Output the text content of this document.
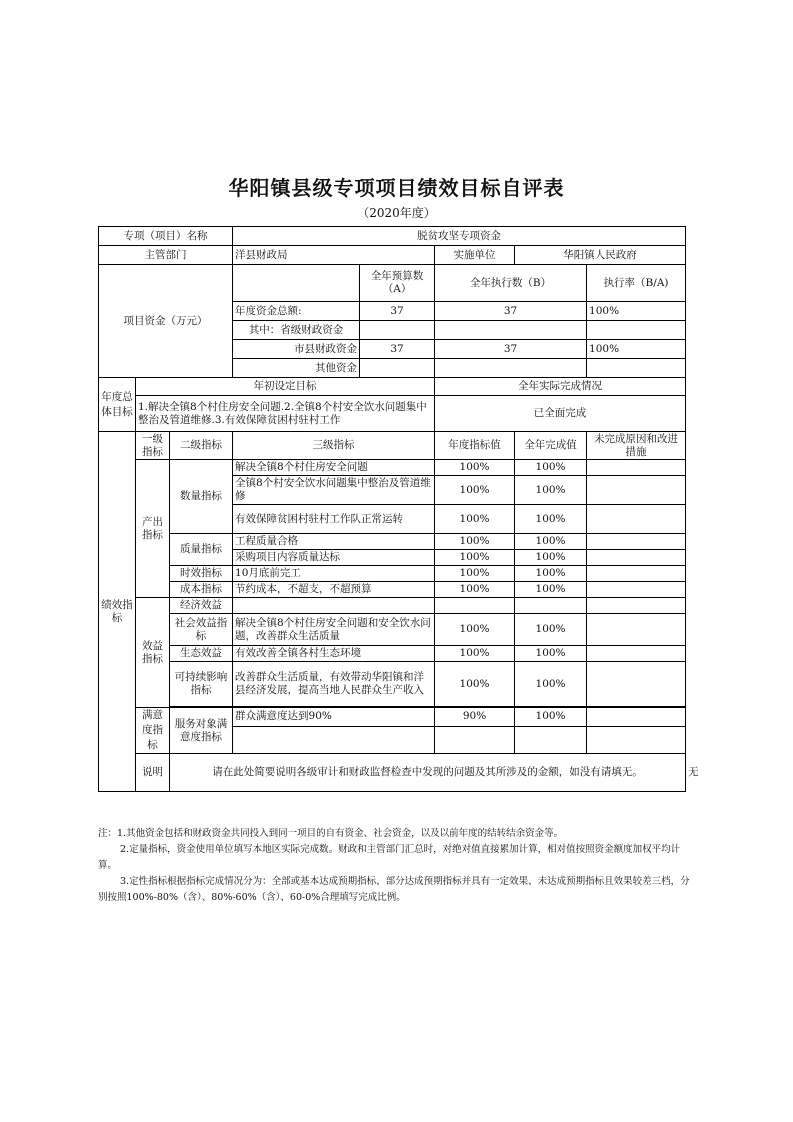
华阳镇县级专项项目绩效目标自评表
（2020年度）
专项（项目）名称			脱贫攻坚专项资金					
主管部门			洋县财政局		实施单位	华阳镇人民政府		
项目资金（万元）				全年预算数（A）	全年执行数（B）		执行率（B/A)	
			年度资金总额:	37	37		100%	
			其中：省级财政资金					
			市县财政资金	37	37		100%	
			其他资金					
年度总体目标	年初设定目标				全年实际完成情况			
	1.解决全镇8个村住房安全问题.2.全镇8个村安全饮水问题集中整治及管道维修.3.有效保障贫困村驻村工作				已全面完成			
绩效指标	一级指标	二级指标	三级指标		年度指标值	全年完成值	未完成原因和改进措施	
	产出指标	数量指标	解决全镇8个村住房安全问题		100%	100%		
			全镇8个村安全饮水问题集中整治及管道维修		100%	100%		
			有效保障贫困村驻村工作队正常运转		100%	100%		
		质量指标	工程质量合格		100%	100%		
			采购项目内容质量达标		100%	100%		
		时效指标	10月底前完工		100%	100%		
		成本指标	节约成本，不超支，不超预算		100%	100%		
	效益指标	经济效益						
		社会效益指标	解决全镇8个村住房安全问题和安全饮水问题，改善群众生活质量		100%	100%		
		生态效益	有效改善全镇各村生态环境		100%	100%		
		可持续影响指标	改善群众生活质量，有效带动华阳镇和洋县经济发展，提高当地人民群众生产收入		100%	100%		

	满意度指标	服务对象满意度指标	群众满意度达到90%		90%	100%		

	说明	请在此处简要说明各级审计和财政监督检查中发现的问题及其所涉及的金额，如没有请填无。						无

注：1.其他资金包括和财政资金共同投入到同一项目的自有资金、社会资金，以及以前年度的结转结余资金等。

2.定量指标，资金使用单位填写本地区实际完成数。财政和主管部门汇总时，对绝对值直接累加计算，相对值按照资金额度加权平均计算。

3.定性指标根据指标完成情况分为：全部或基本达成预期指标、部分达成预期指标并具有一定效果、未达成预期指标且效果较差三档，分别按照100%-80%（含）、80%-60%（含）、60-0%合理填写完成比例。
